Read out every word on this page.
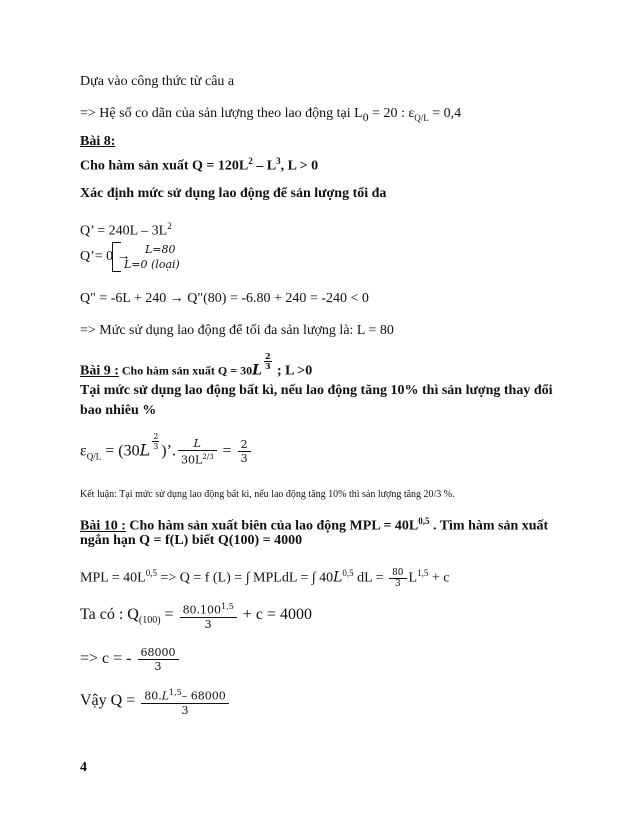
Dựa vào công thức từ câu a
=> Hệ số co dãn của sản lượng theo lao động tại $L_0 = 20$ : $\varepsilon_{Q/L} = 0,4$
Bài 8:
Cho hàm sản xuất $Q = 120L^2 - L^3$, L > 0
Xác định mức sử dụng lao động để sản lượng tối đa
Q’ = $240L - 3L^2$
Q’= 0 → L=80
L=0 (loại)
Q" = -6L + 240 → Q"(80) = -6.80 + 240 = -240 < 0
=> Mức sử dụng lao động để tối đa sản lượng là: L = 80
Bài 9 : Cho hàm sản xuất $Q = 30L \frac{2}{3}$
; L >0
Tại mức sử dụng lao động bất kì, nếu lao động tăng 10% thì sản lượng thay đổi
bao nhiêu %
$\varepsilon_{Q/L} = (30L \frac{2}{3}$ )’. $\frac{L}{30L^{2/3}} = \frac{2}{3}$
Kết luận: Tại mức sử dụng lao động bất kì, nếu lao động tăng 10% thì sản lượng tăng 20/3 %.
Bài 10 : Cho hàm sản xuất biên của lao động MPL = $40L^{0,5}$ . Tìm hàm sản xuất
ngắn hạn Q = f(L) biết Q(100) = 4000
MPL = $40L^{0,5} => Q = f$ (L) = ∫ MPLdL = ∫ $40L^{0,5}$ dL = $\frac{80}{3} L^{1,5} + c$
Ta có : $Q_{(100)} = \frac{80.100^{1,5}}{3} + c = 4000$
=> c = - $\frac{68000}{3}$
Vậy $Q = \frac{80.L^{1,5}- 68000}{3}$
4
